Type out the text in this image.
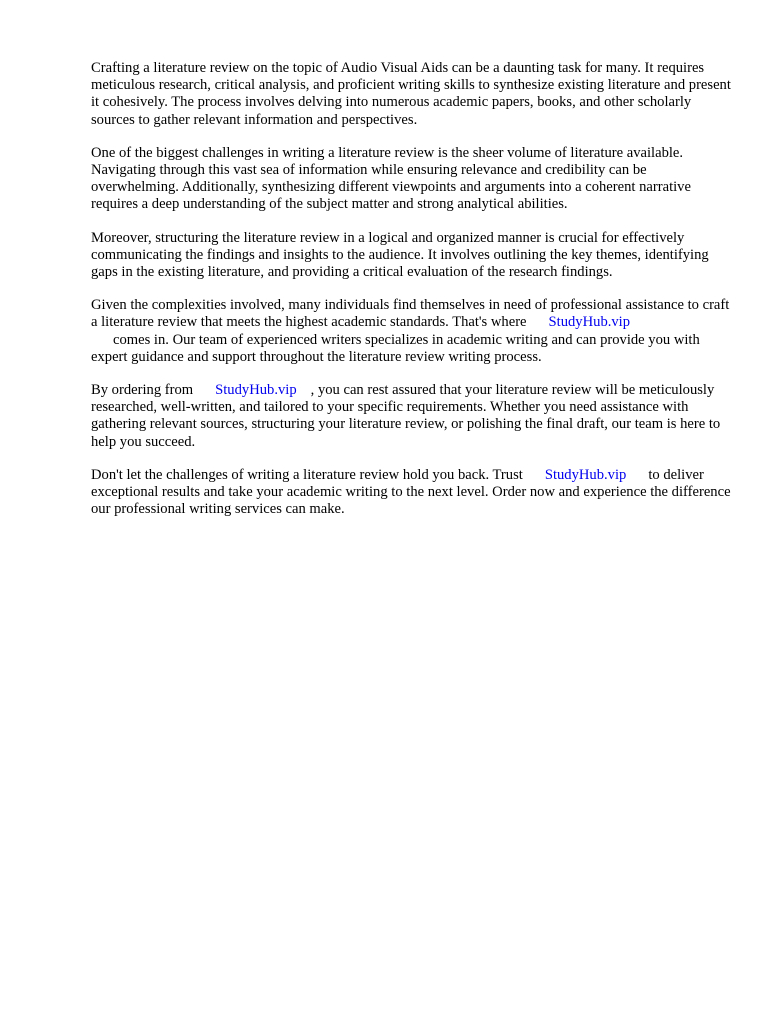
Crafting a literature review on the topic of Audio Visual Aids can be a daunting task for many. It requires meticulous research, critical analysis, and proficient writing skills to synthesize existing literature and present it cohesively. The process involves delving into numerous academic papers, books, and other scholarly sources to gather relevant information and perspectives.

One of the biggest challenges in writing a literature review is the sheer volume of literature available. Navigating through this vast sea of information while ensuring relevance and credibility can be overwhelming. Additionally, synthesizing different viewpoints and arguments into a coherent narrative requires a deep understanding of the subject matter and strong analytical abilities.

Moreover, structuring the literature review in a logical and organized manner is crucial for effectively communicating the findings and insights to the audience. It involves outlining the key themes, identifying gaps in the existing literature, and providing a critical evaluation of the research findings.

Given the complexities involved, many individuals find themselves in need of professional assistance to craft a literature review that meets the highest academic standards. That's where StudyHub.vip
comes in. Our team of experienced writers specializes in academic writing and can provide you with expert guidance and support throughout the literature review writing process.

By ordering from StudyHub.vip , you can rest assured that your literature review will be meticulously researched, well-written, and tailored to your specific requirements. Whether you need assistance with gathering relevant sources, structuring your literature review, or polishing the final draft, our team is here to help you succeed.

Don't let the challenges of writing a literature review hold you back. Trust StudyHub.vip to deliver exceptional results and take your academic writing to the next level. Order now and experience the difference our professional writing services can make.
